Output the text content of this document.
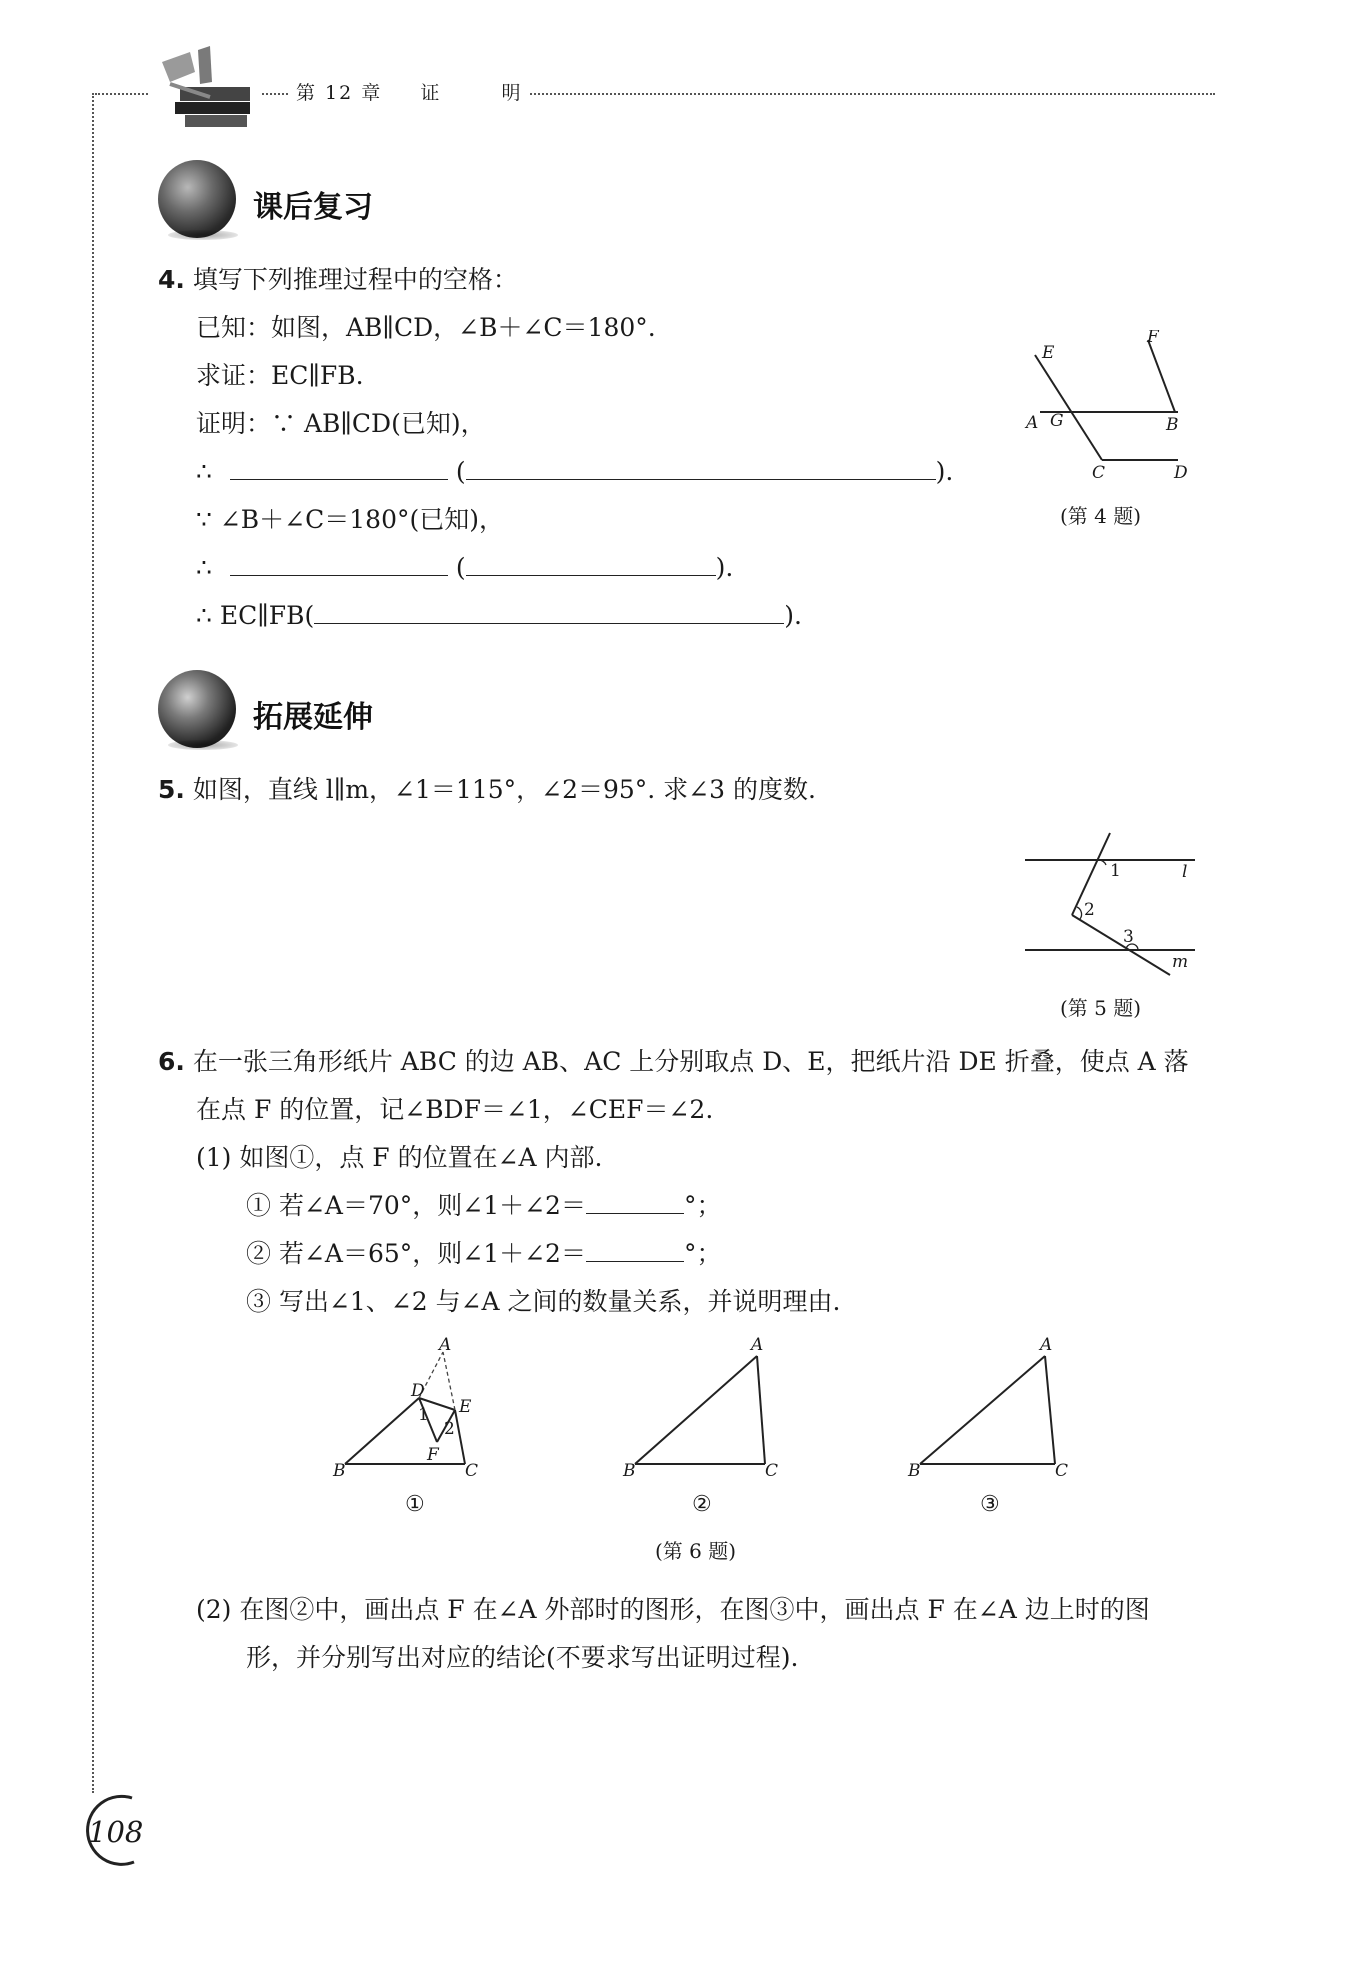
第 12 章 证	明
课后复习
4. 填写下列推理过程中的空格：
已知：如图，AB∥CD，∠B＋∠C＝180°.
求证：EC∥FB.
证明：∵ AB∥CD(已知)，
∴	(	).
∵ ∠B＋∠C＝180°(已知)，
∴	(	).
∴ EC∥FB(	).
E
F
A G	B
C	D
(第 4 题)
拓展延伸
5. 如图，直线 l∥m，∠1＝115°，∠2＝95°. 求∠3 的度数.
1
2
3
l
m
(第 5 题)
6. 在一张三角形纸片 ABC 的边 AB、AC 上分别取点 D、E，把纸片沿 DE 折叠，使点 A 落
在点 F 的位置，记∠BDF＝∠1，∠CEF＝∠2.
(1) 如图①，点 F 的位置在∠A 内部.
① 若∠A＝70°，则∠1＋∠2＝	°；
② 若∠A＝65°，则∠1＋∠2＝	°；
③ 写出∠1、∠2 与∠A 之间的数量关系，并说明理由.
A
B	C
D
E
F
1
2
A
B	C
A
B	C
①	②	③
(第 6 题)
(2) 在图②中，画出点 F 在∠A 外部时的图形，在图③中，画出点 F 在∠A 边上时的图
形，并分别写出对应的结论(不要求写出证明过程).
108
